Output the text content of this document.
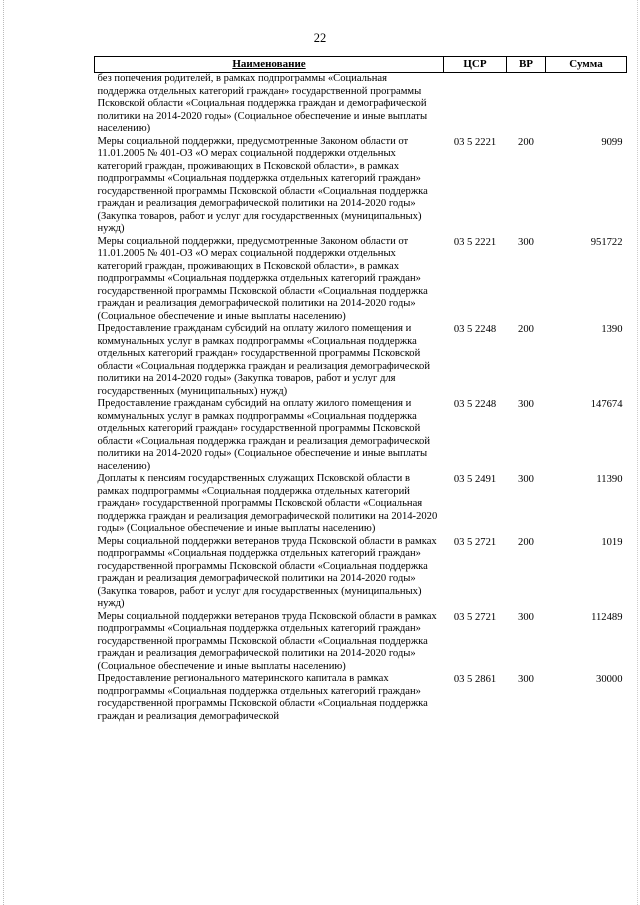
22
Наименование	ЦСР	ВР	Сумма
без попечения родителей, в рамках подпрограммы «Социальная поддержка отдельных категорий граждан» государственной программы Псковской области «Социальная поддержка граждан и демографической политики на 2014-2020 годы» (Социальное обеспечение и иные выплаты населению)			
Меры социальной поддержки, предусмотренные Законом области от 11.01.2005 № 401-ОЗ «О мерах социальной поддержки отдельных категорий граждан, проживающих в Псковской области», в рамках подпрограммы «Социальная поддержка отдельных категорий граждан» государственной программы Псковской области «Социальная поддержка граждан и реализация демографической политики на 2014-2020 годы» (Закупка товаров, работ и услуг для государственных (муниципальных) нужд)	03 5 2221	200	9099
Меры социальной поддержки, предусмотренные Законом области от 11.01.2005 № 401-ОЗ «О мерах социальной поддержки отдельных категорий граждан, проживающих в Псковской области», в рамках подпрограммы «Социальная поддержка отдельных категорий граждан» государственной программы Псковской области «Социальная поддержка граждан и реализация демографической политики на 2014-2020 годы» (Социальное обеспечение и иные выплаты населению)	03 5 2221	300	951722
Предоставление гражданам субсидий на оплату жилого помещения и коммунальных услуг в рамках подпрограммы «Социальная поддержка отдельных категорий граждан» государственной программы Псковской области «Социальная поддержка граждан и реализация демографической политики на 2014-2020 годы» (Закупка товаров, работ и услуг для государственных (муниципальных) нужд)	03 5 2248	200	1390
Предоставление гражданам субсидий на оплату жилого помещения и коммунальных услуг в рамках подпрограммы «Социальная поддержка отдельных категорий граждан» государственной программы Псковской области «Социальная поддержка граждан и реализация демографической политики на 2014-2020 годы» (Социальное обеспечение и иные выплаты населению)	03 5 2248	300	147674
Доплаты к пенсиям государственных служащих Псковской области в рамках подпрограммы «Социальная поддержка отдельных категорий граждан» государственной программы Псковской области «Социальная поддержка граждан и реализация демографической политики на 2014-2020 годы» (Социальное обеспечение и иные выплаты населению)	03 5 2491	300	11390
Меры социальной поддержки ветеранов труда Псковской области в рамках подпрограммы «Социальная поддержка отдельных категорий граждан» государственной программы Псковской области «Социальная поддержка граждан и реализация демографической политики на 2014-2020 годы» (Закупка товаров, работ и услуг для государственных (муниципальных) нужд)	03 5 2721	200	1019
Меры социальной поддержки ветеранов труда Псковской области в рамках подпрограммы «Социальная поддержка отдельных категорий граждан» государственной программы Псковской области «Социальная поддержка граждан и реализация демографической политики на 2014-2020 годы» (Социальное обеспечение и иные выплаты населению)	03 5 2721	300	112489
Предоставление регионального материнского капитала в рамках подпрограммы «Социальная поддержка отдельных категорий граждан» государственной программы Псковской области «Социальная поддержка граждан и реализация демографической	03 5 2861	300	30000
